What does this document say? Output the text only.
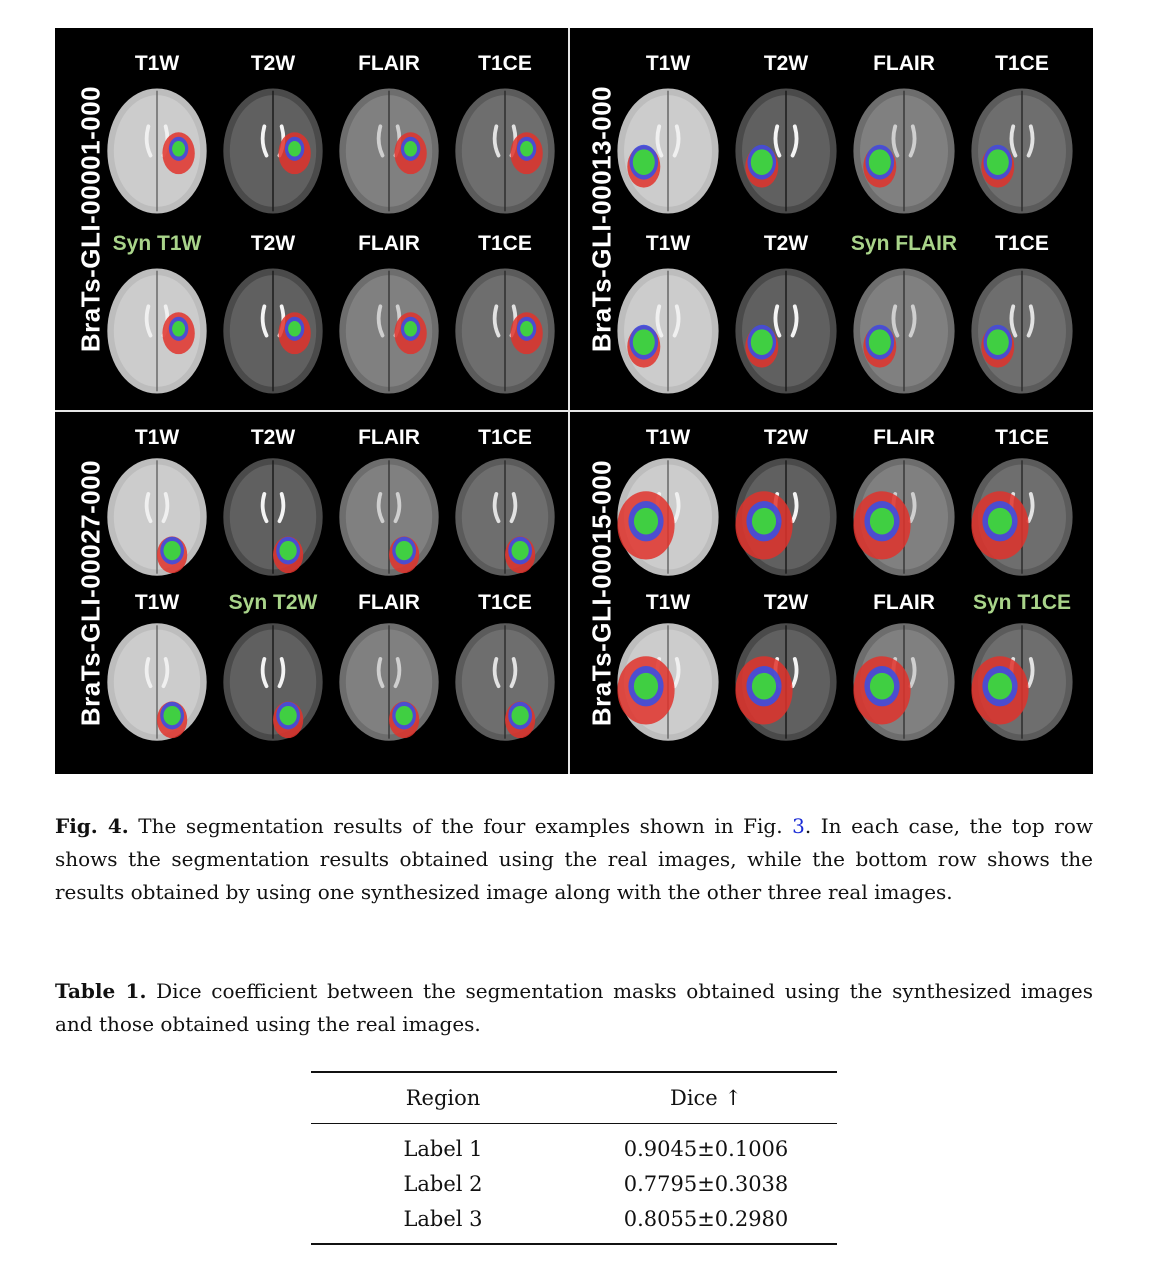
BraTs-GLI-00001-000
T1W	T2W	FLAIR	T1CE
Syn T1W	T2W	FLAIR	T1CE	BraTs-GLI-00013-000
T1W	T2W	FLAIR	T1CE
T1W	T2W	Syn FLAIR	T1CE
BraTs-GLI-00027-000
T1W	T2W	FLAIR	T1CE
T1W	Syn T2W	FLAIR	T1CE	BraTs-GLI-00015-000
T1W	T2W	FLAIR	T1CE
T1W	T2W	FLAIR	Syn T1CE
Fig. 4. The segmentation results of the four examples shown in Fig. 3. In each case, the top row shows the segmentation results obtained using the real images, while the bottom row shows the results obtained by using one synthesized image along with the other three real images.
Table 1. Dice coefficient between the segmentation masks obtained using the synthesized images and those obtained using the real images.
Region	Dice ↑
Label 1	0.9045±0.1006
Label 2	0.7795±0.3038
Label 3	0.8055±0.2980
